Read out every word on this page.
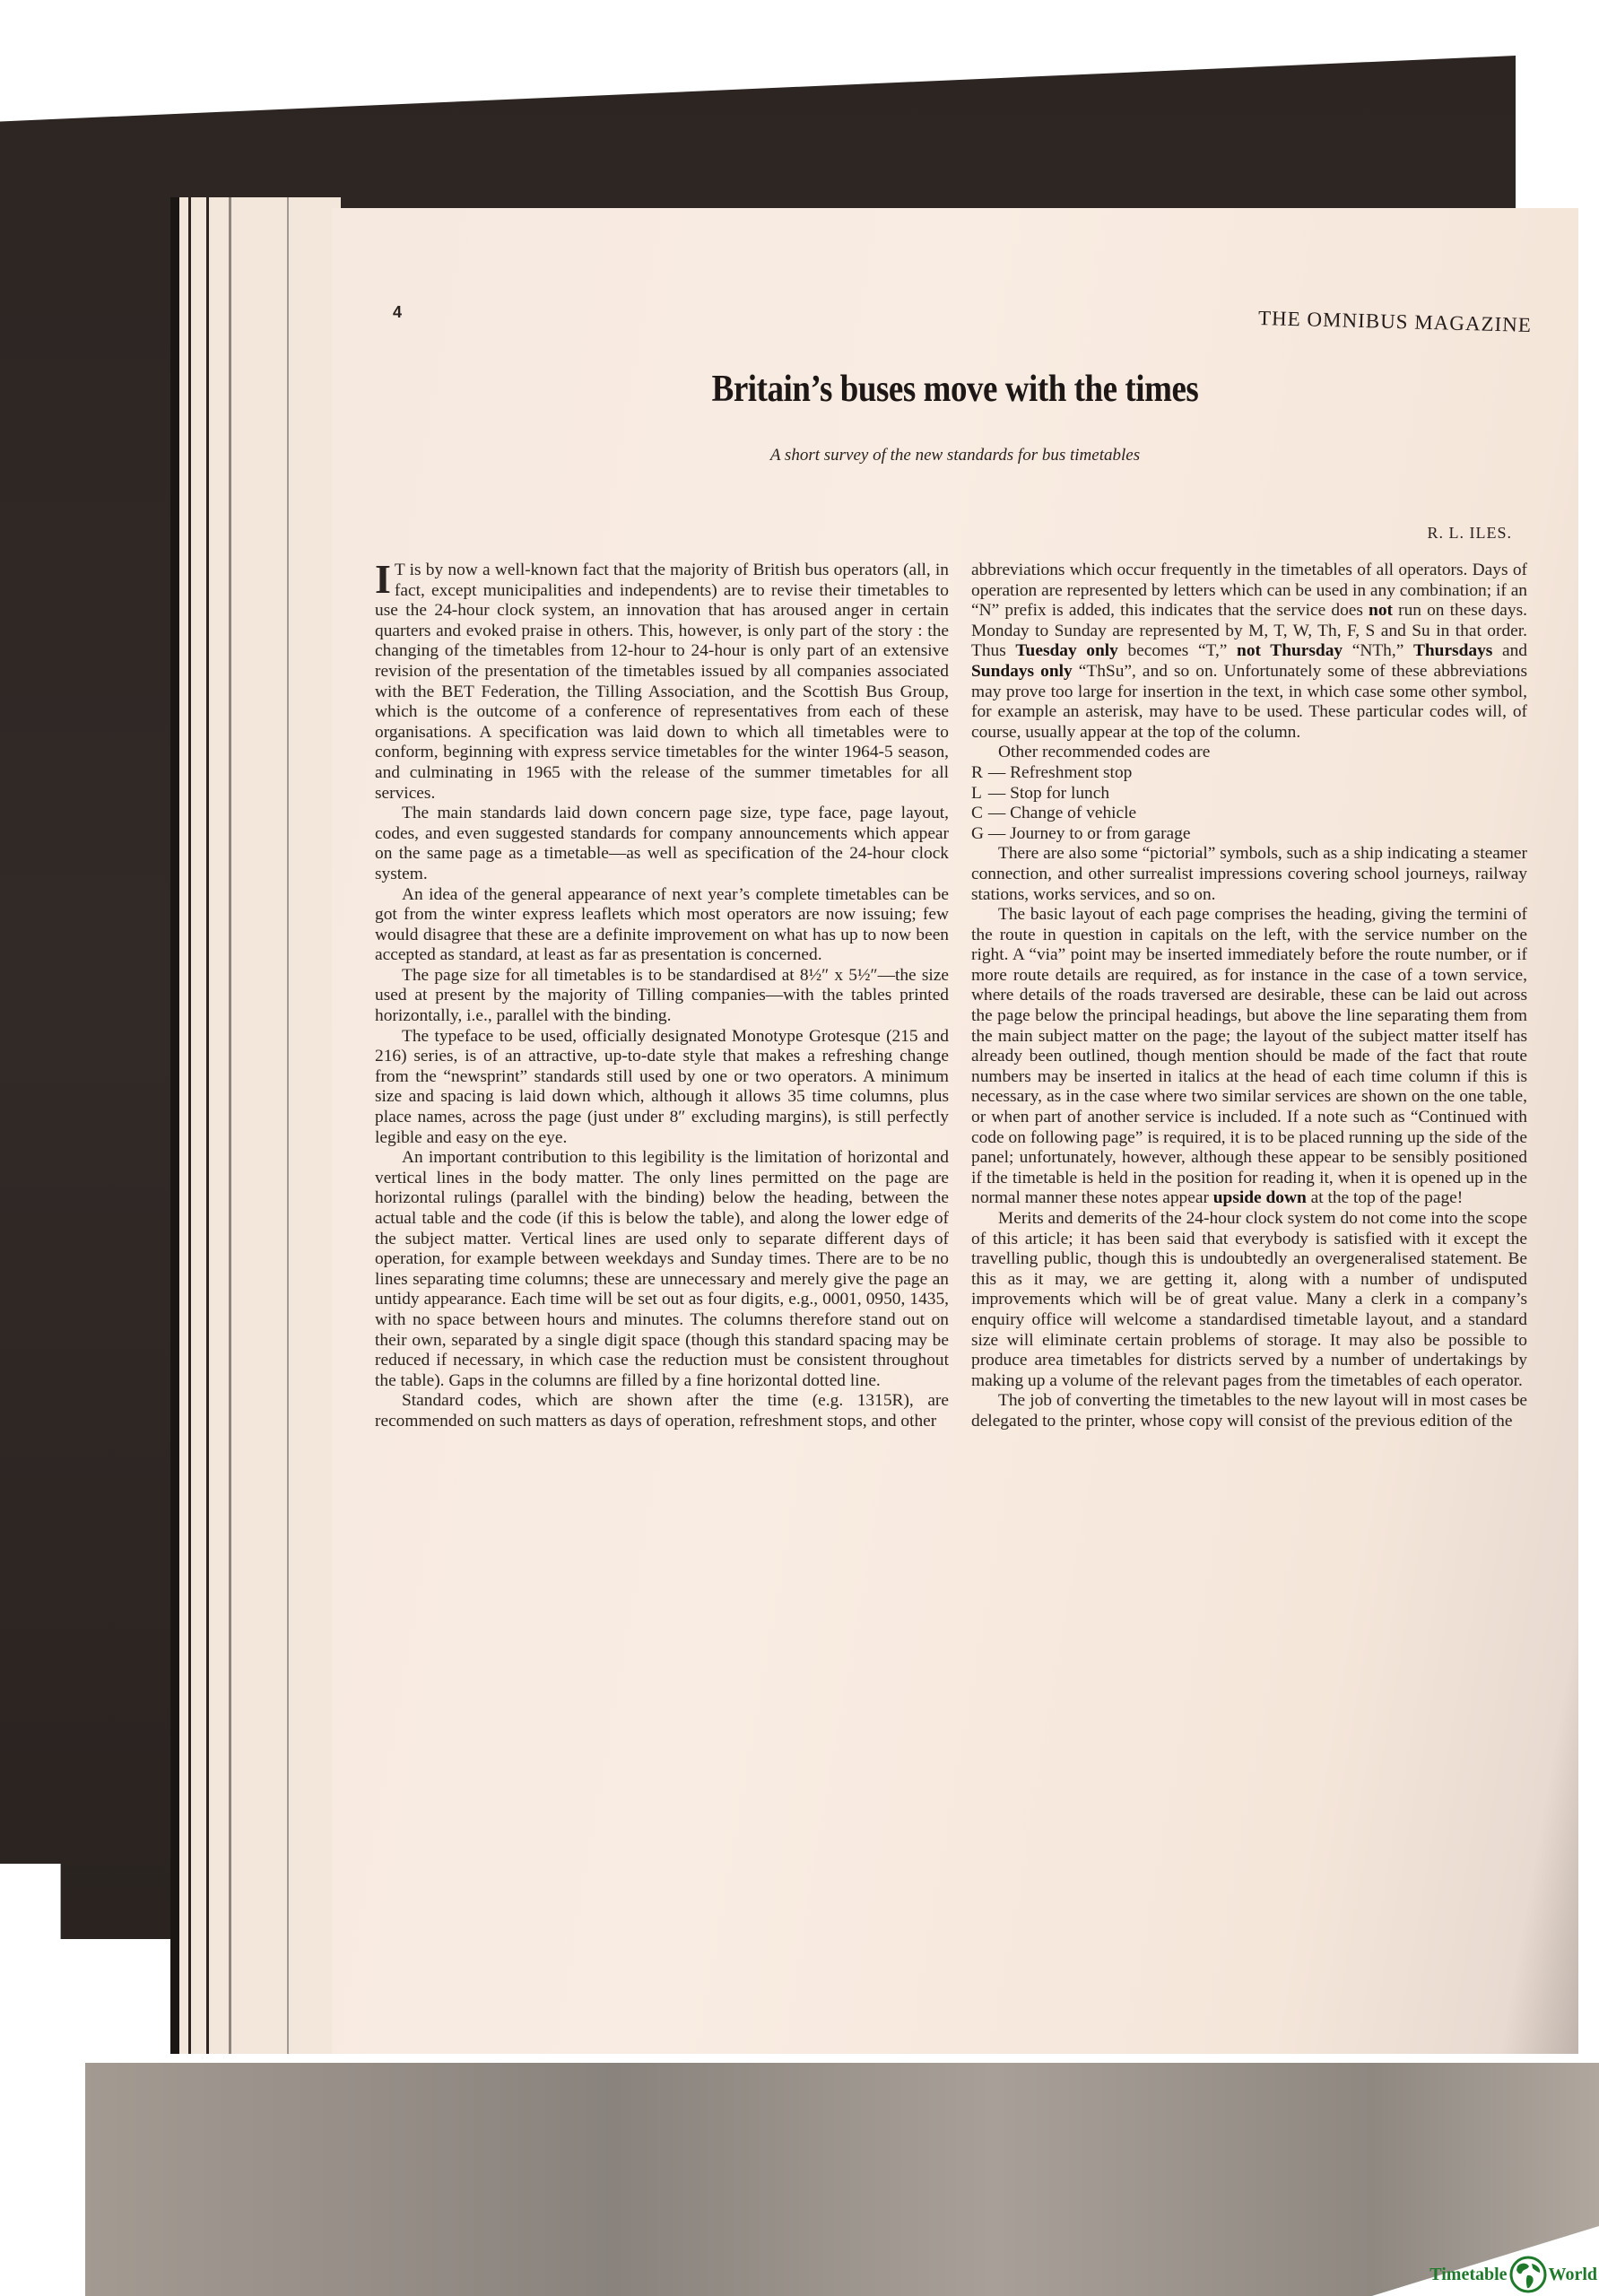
4	THE OMNIBUS MAGAZINE
Britain’s buses move with the times
A short survey of the new standards for bus timetables
R. L. ILES.

I T is by now a well-known fact that the majority of British bus operators (all, in fact, except municipalities and independents) are to revise their timetables to use the 24-hour clock system, an innovation that has aroused anger in certain quarters and evoked praise in others. This, however, is only part of the story : the changing of the timetables from 12-hour to 24-hour is only part of an extensive revision of the presentation of the timetables issued by all companies associated with the BET Federation, the Tilling Association, and the Scottish Bus Group, which is the outcome of a conference of representatives from each of these organisations. A specification was laid down to which all timetables were to conform, beginning with express service timetables for the winter 1964-5 season, and culminating in 1965 with the release of the summer timetables for all services.

The main standards laid down concern page size, type face, page layout, codes, and even suggested standards for company announcements which appear on the same page as a timetable—as well as specification of the 24-hour clock system.

An idea of the general appearance of next year’s complete timetables can be got from the winter express leaflets which most operators are now issuing; few would disagree that these are a definite improvement on what has up to now been accepted as standard, at least as far as presentation is concerned.

The page size for all timetables is to be standardised at 8½″ x 5½″—the size used at present by the majority of Tilling companies—with the tables printed horizontally, i.e., parallel with the binding.

The typeface to be used, officially designated Monotype Grotesque (215 and 216) series, is of an attractive, up-to-date style that makes a refreshing change from the “newsprint” standards still used by one or two operators. A minimum size and spacing is laid down which, although it allows 35 time columns, plus place names, across the page (just under 8″ excluding margins), is still perfectly legible and easy on the eye.

An important contribution to this legibility is the limitation of horizontal and vertical lines in the body matter. The only lines permitted on the page are horizontal rulings (parallel with the binding) below the heading, between the actual table and the code (if this is below the table), and along the lower edge of the subject matter. Vertical lines are used only to separate different days of operation, for example between weekdays and Sunday times. There are to be no lines separating time columns; these are unnecessary and merely give the page an untidy appearance. Each time will be set out as four digits, e.g., 0001, 0950, 1435, with no space between hours and minutes. The columns therefore stand out on their own, separated by a single digit space (though this standard spacing may be reduced if necessary, in which case the reduction must be consistent throughout the table). Gaps in the columns are filled by a fine horizontal dotted line.

Standard codes, which are shown after the time (e.g. 1315R), are recommended on such matters as days of operation, refreshment stops, and other

abbreviations which occur frequently in the timetables of all operators. Days of operation are represented by letters which can be used in any combination; if an “N” prefix is added, this indicates that the service does not run on these days. Monday to Sunday are represented by M, T, W, Th, F, S and Su in that order. Thus Tuesday only becomes “T,” not Thursday “NTh,” Thursdays and Sundays only “ThSu”, and so on. Unfortunately some of these abbreviations may prove too large for insertion in the text, in which case some other symbol, for example an asterisk, may have to be used. These particular codes will, of course, usually appear at the top of the column.

Other recommended codes are

R — Refreshment stop
L — Stop for lunch
C — Change of vehicle
G — Journey to or from garage

There are also some “pictorial” symbols, such as a ship indicating a steamer connection, and other surrealist impressions covering school journeys, railway stations, works services, and so on.

The basic layout of each page comprises the heading, giving the termini of the route in question in capitals on the left, with the service number on the right. A “via” point may be inserted immediately before the route number, or if more route details are required, as for instance in the case of a town service, where details of the roads traversed are desirable, these can be laid out across the page below the principal headings, but above the line separating them from the main subject matter on the page; the layout of the subject matter itself has already been outlined, though mention should be made of the fact that route numbers may be inserted in italics at the head of each time column if this is necessary, as in the case where two similar services are shown on the one table, or when part of another service is included. If a note such as “Continued with code on following page” is required, it is to be placed running up the side of the panel; unfortunately, however, although these appear to be sensibly positioned if the timetable is held in the position for reading it, when it is opened up in the normal manner these notes appear upside down at the top of the page!

Merits and demerits of the 24-hour clock system do not come into the scope of this article; it has been said that everybody is satisfied with it except the travelling public, though this is undoubtedly an overgeneralised statement. Be this as it may, we are getting it, along with a number of undisputed improvements which will be of great value. Many a clerk in a company’s enquiry office will welcome a standardised timetable layout, and a standard size will eliminate certain problems of storage. It may also be possible to produce area timetables for districts served by a number of undertakings by making up a volume of the relevant pages from the timetables of each operator.

The job of converting the timetables to the new layout will in most cases be delegated to the printer, whose copy will consist of the previous edition of the

Timetable World
